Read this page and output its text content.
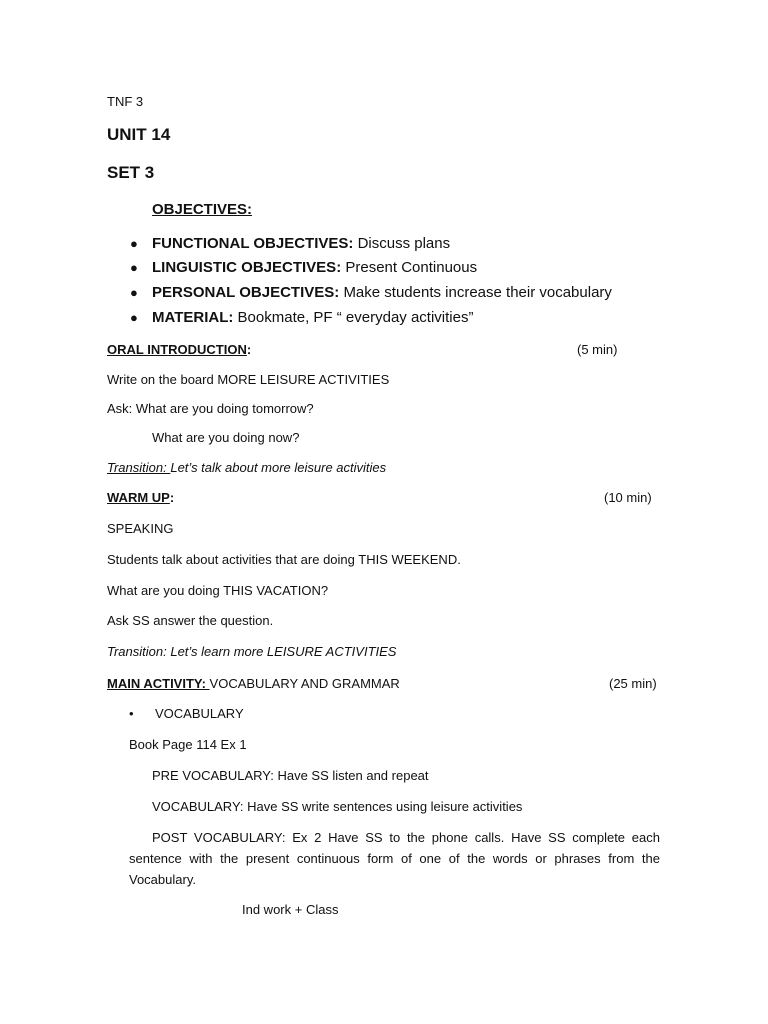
TNF 3
UNIT 14
SET 3
OBJECTIVES:
● FUNCTIONAL OBJECTIVES: Discuss plans
● LINGUISTIC OBJECTIVES: Present Continuous
● PERSONAL OBJECTIVES: Make students increase their vocabulary
● MATERIAL: Bookmate, PF “ everyday activities”
ORAL INTRODUCTION:	(5 min)
Write on the board MORE LEISURE ACTIVITIES
Ask: What are you doing tomorrow?
What are you doing now?
Transition: Let’s talk about more leisure activities
WARM UP:	(10 min)
SPEAKING
Students talk about activities that are doing THIS WEEKEND.
What are you doing THIS VACATION?
Ask SS answer the question.
Transition: Let’s learn more LEISURE ACTIVITIES
MAIN ACTIVITY: VOCABULARY AND GRAMMAR	(25 min)
• VOCABULARY
Book Page 114 Ex 1
PRE VOCABULARY: Have SS listen and repeat
VOCABULARY: Have SS write sentences using leisure activities
POST VOCABULARY: Ex 2 Have SS to the phone calls. Have SS complete each sentence with the present continuous form of one of the words or phrases from the Vocabulary.
Ind work + Class
